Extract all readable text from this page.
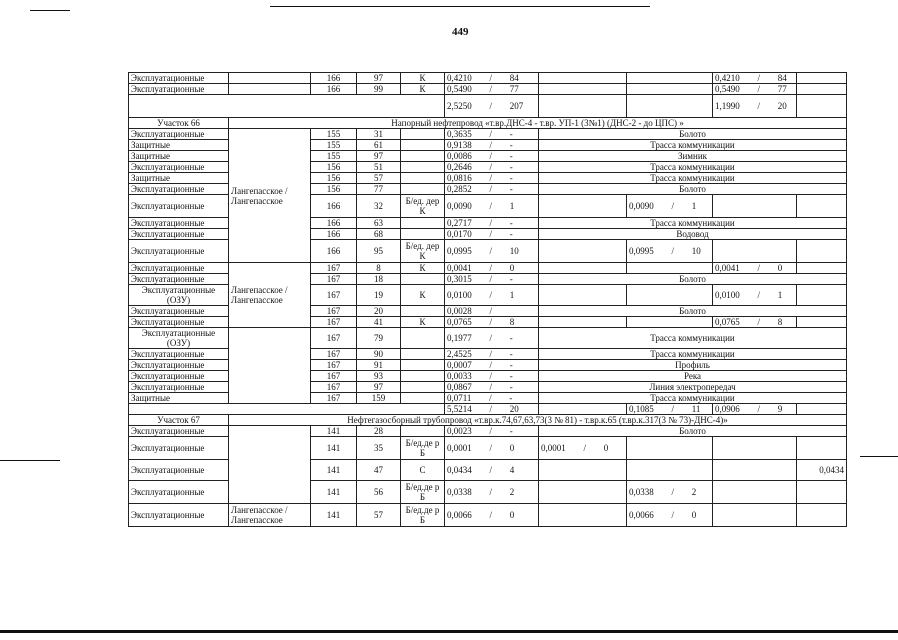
449
Эксплуатационные		166	97	К	0,4210 / 84			0,4210 / 84	
Эксплуатационные		166	99	К	0,5490 / 77			0,5490 / 77	
					2,5250 / 207			1,1990 / 20	
Участок 66	Напорный нефтепровод «т.вр.ДНС-4 - т.вр. УП-1 (3№1) (ДНС-2 - до ЦПС) »								
Эксплуатационные	Лангепасское / Лангепасское	155	31		0,3635 / -	Болото			
Защитные		155	61		0,9138 / -	Трасса коммуникации			
Защитные		155	97		0,0086 / -	Зимник			
Эксплуатационные		156	51		0,2646 / -	Трасса коммуникации			
Защитные		156	57		0,0816 / -	Трасса коммуникации			
Эксплуатационные		156	77		0,2852 / -	Болото			
Эксплуатационные		166	32	Б/ед. дер К	0,0090 / 1		0,0090 / 1		
Эксплуатационные		166	63		0,2717 / -	Трасса коммуникации			
Эксплуатационные		166	68		0,0170 / -	Водовод			
Эксплуатационные		166	95	Б/ед. дер К	0,0995 / 10		0,0995 / 10		
Эксплуатационные	Лангепасское / Лангепасское	167	8	К	0,0041 / 0			0,0041 / 0	
Эксплуатационные		167	18		0,3015 / -	Болото			
Эксплуатационные (ОЗУ)		167	19	К	0,0100 / 1			0,0100 / 1	
Эксплуатационные		167	20		0,0028 /	Болото			
Эксплуатационные		167	41	К	0,0765 / 8			0,0765 / 8	
Эксплуатационные (ОЗУ)		167	79		0,1977 / -	Трасса коммуникации			
Эксплуатационные		167	90		2,4525 / -	Трасса коммуникации			
Эксплуатационные		167	91		0,0007 / -	Профиль			
Эксплуатационные		167	93		0,0033 / -	Река			
Эксплуатационные		167	97		0,0867 / -	Линия электропередач			
Защитные		167	159		0,0711 / -	Трасса коммуникации			
					5,5214 / 20		0,1085 / 11	0,0906 / 9	
Участок 67	Нефтегазосборный трубопровод «т.вр.к.74,67,63,73(3 № 81) - т.вр.к.65 (т.вр.к.317(3 № 73)-ДНС-4)»								
Эксплуатационные		141	28		0,0023 / -	Болото			
Эксплуатационные		141	35	Б/ед.де р Б	0,0001 / 0	0,0001 / 0			
Эксплуатационные		141	47	С	0,0434 / 4				0,0434
Эксплуатационные		141	56	Б/ед.де р Б	0,0338 / 2		0,0338 / 2		
Эксплуатационные	Лангепасское / Лангепасское	141	57	Б/ед.де р Б	0,0066 / 0		0,0066 / 0		
